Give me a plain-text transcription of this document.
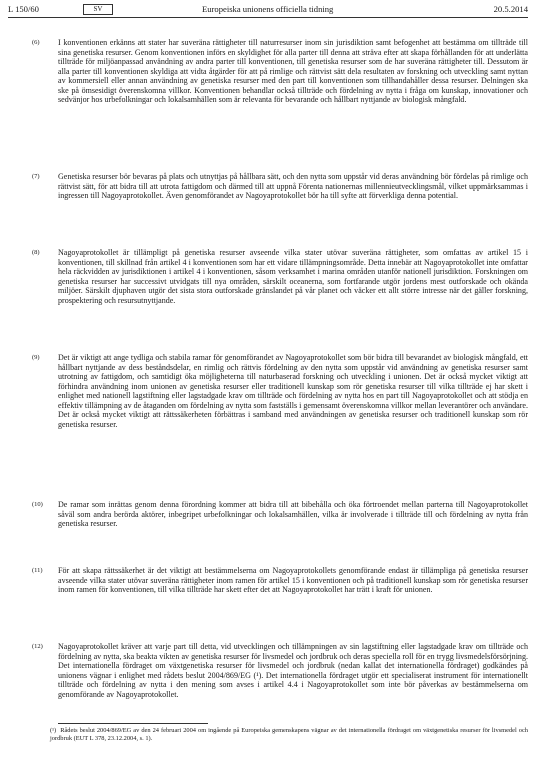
L 150/60	SV	Europeiska unionens officiella tidning	20.5.2014
(6) I konventionen erkänns att stater har suveräna rättigheter till naturresurser inom sin jurisdiktion samt befogenhet att bestämma om tillträde till sina genetiska resurser. Genom konventionen införs en skyldighet för alla parter till denna att sträva efter att skapa förhållanden för att underlätta tillträde för miljöanpassad användning av andra parter till konventionen, till genetiska resurser som de har suveräna rättigheter till. Dessutom är alla parter till konventionen skyldiga att vidta åtgärder för att på rimlige och rättvist sätt dela resultaten av forskning och utveckling samt nyttan av kommersiell eller annan användning av genetiska resurser med den part till konventionen som tillhandahåller dessa resurser. Delningen ska ske på ömsesidigt överenskomna villkor. Konventionen behandlar också tillträde och fördelning av nytta i fråga om kunskap, innovationer och sedvänjor hos urbefolkningar och lokalsamhällen som är relevanta för bevarande och hållbart nyttjande av biologisk mångfald.
(7) Genetiska resurser bör bevaras på plats och utnyttjas på hållbara sätt, och den nytta som uppstår vid deras användning bör fördelas på rimlige och rättvist sätt, för att bidra till att utrota fattigdom och därmed till att uppnå Förenta nationernas millennieutvecklingsmål, vilket uppmärksammas i ingressen till Nagoyaprotokollet. Även genomförandet av Nagoyaprotokollet bör ha till syfte att förverkliga denna potential.
(8) Nagoyaprotokollet är tillämpligt på genetiska resurser avseende vilka stater utövar suveräna rättigheter, som omfattas av artikel 15 i konventionen, till skillnad från artikel 4 i konventionen som har ett vidare tillämpningsområde. Detta innebär att Nagoyaprotokollet inte omfattar hela räckvidden av jurisdiktionen i artikel 4 i konventionen, såsom verksamhet i marina områden utanför nationell jurisdiktion. Forskningen om genetiska resurser har successivt utvidgats till nya områden, särskilt oceanerna, som fortfarande utgör jordens mest outforskade och okända miljöer. Särskilt djuphaven utgör det sista stora outforskade gränslandet på vår planet och väcker ett allt större intresse när det gäller forskning, prospektering och resursutnyttjande.
(9) Det är viktigt att ange tydliga och stabila ramar för genomförandet av Nagoyaprotokollet som bör bidra till bevarandet av biologisk mångfald, ett hållbart nyttjande av dess beståndsdelar, en rimlig och rättvis fördelning av den nytta som uppstår vid användning av genetiska resurser samt utrotning av fattigdom, och samtidigt öka möjligheterna till naturbaserad forskning och utveckling i unionen. Det är också mycket viktigt att förhindra användning inom unionen av genetiska resurser eller traditionell kunskap som rör genetiska resurser till vilka tillträde ej har skett i enlighet med nationell lagstiftning eller lagstadgade krav om tillträde och fördelning av nytta hos en part till Nagoyaprotokollet och att stödja en effektiv tillämpning av de åtaganden om fördelning av nytta som fastställs i gemensamt överenskomna villkor mellan leverantörer och användare. Det är också mycket viktigt att rättssäkerheten förbättras i samband med användningen av genetiska resurser och traditionell kunskap som rör genetiska resurser.
(10) De ramar som inrättas genom denna förordning kommer att bidra till att bibehålla och öka förtroendet mellan parterna till Nagoyaprotokollet såväl som andra berörda aktörer, inbegripet urbefolkningar och lokalsamhällen, vilka är involverade i tillträde till och fördelning av nytta från genetiska resurser.
(11) För att skapa rättssäkerhet är det viktigt att bestämmelserna om Nagoyaprotokollets genomförande endast är tillämpliga på genetiska resurser avseende vilka stater utövar suveräna rättigheter inom ramen för artikel 15 i konventionen och på traditionell kunskap som rör genetiska resurser inom ramen för konventionen, till vilka tillträde har skett efter det att Nagoyaprotokollet har trätt i kraft för unionen.
(12) Nagoyaprotokollet kräver att varje part till detta, vid utvecklingen och tillämpningen av sin lagstiftning eller lagstadgade krav om tillträde och fördelning av nytta, ska beakta vikten av genetiska resurser för livsmedel och jordbruk och deras speciella roll för en trygg livsmedelsförsörjning. Det internationella fördraget om växtgenetiska resurser för livsmedel och jordbruk (nedan kallat det internationella fördraget) godkändes på unionens vägnar i enlighet med rådets beslut 2004/869/EG (¹). Det internationella fördraget utgör ett specialiserat instrument för internationellt tillträde och fördelning av nytta i den mening som avses i artikel 4.4 i Nagoyaprotokollet som inte bör påverkas av bestämmelserna om genomförande av Nagoyaprotokollet.
(¹) Rådets beslut 2004/869/EG av den 24 februari 2004 om ingående på Europeiska gemenskapens vägnar av det internationella fördraget om växtgenetiska resurser för livsmedel och jordbruk (EUT L 378, 23.12.2004, s. 1).
